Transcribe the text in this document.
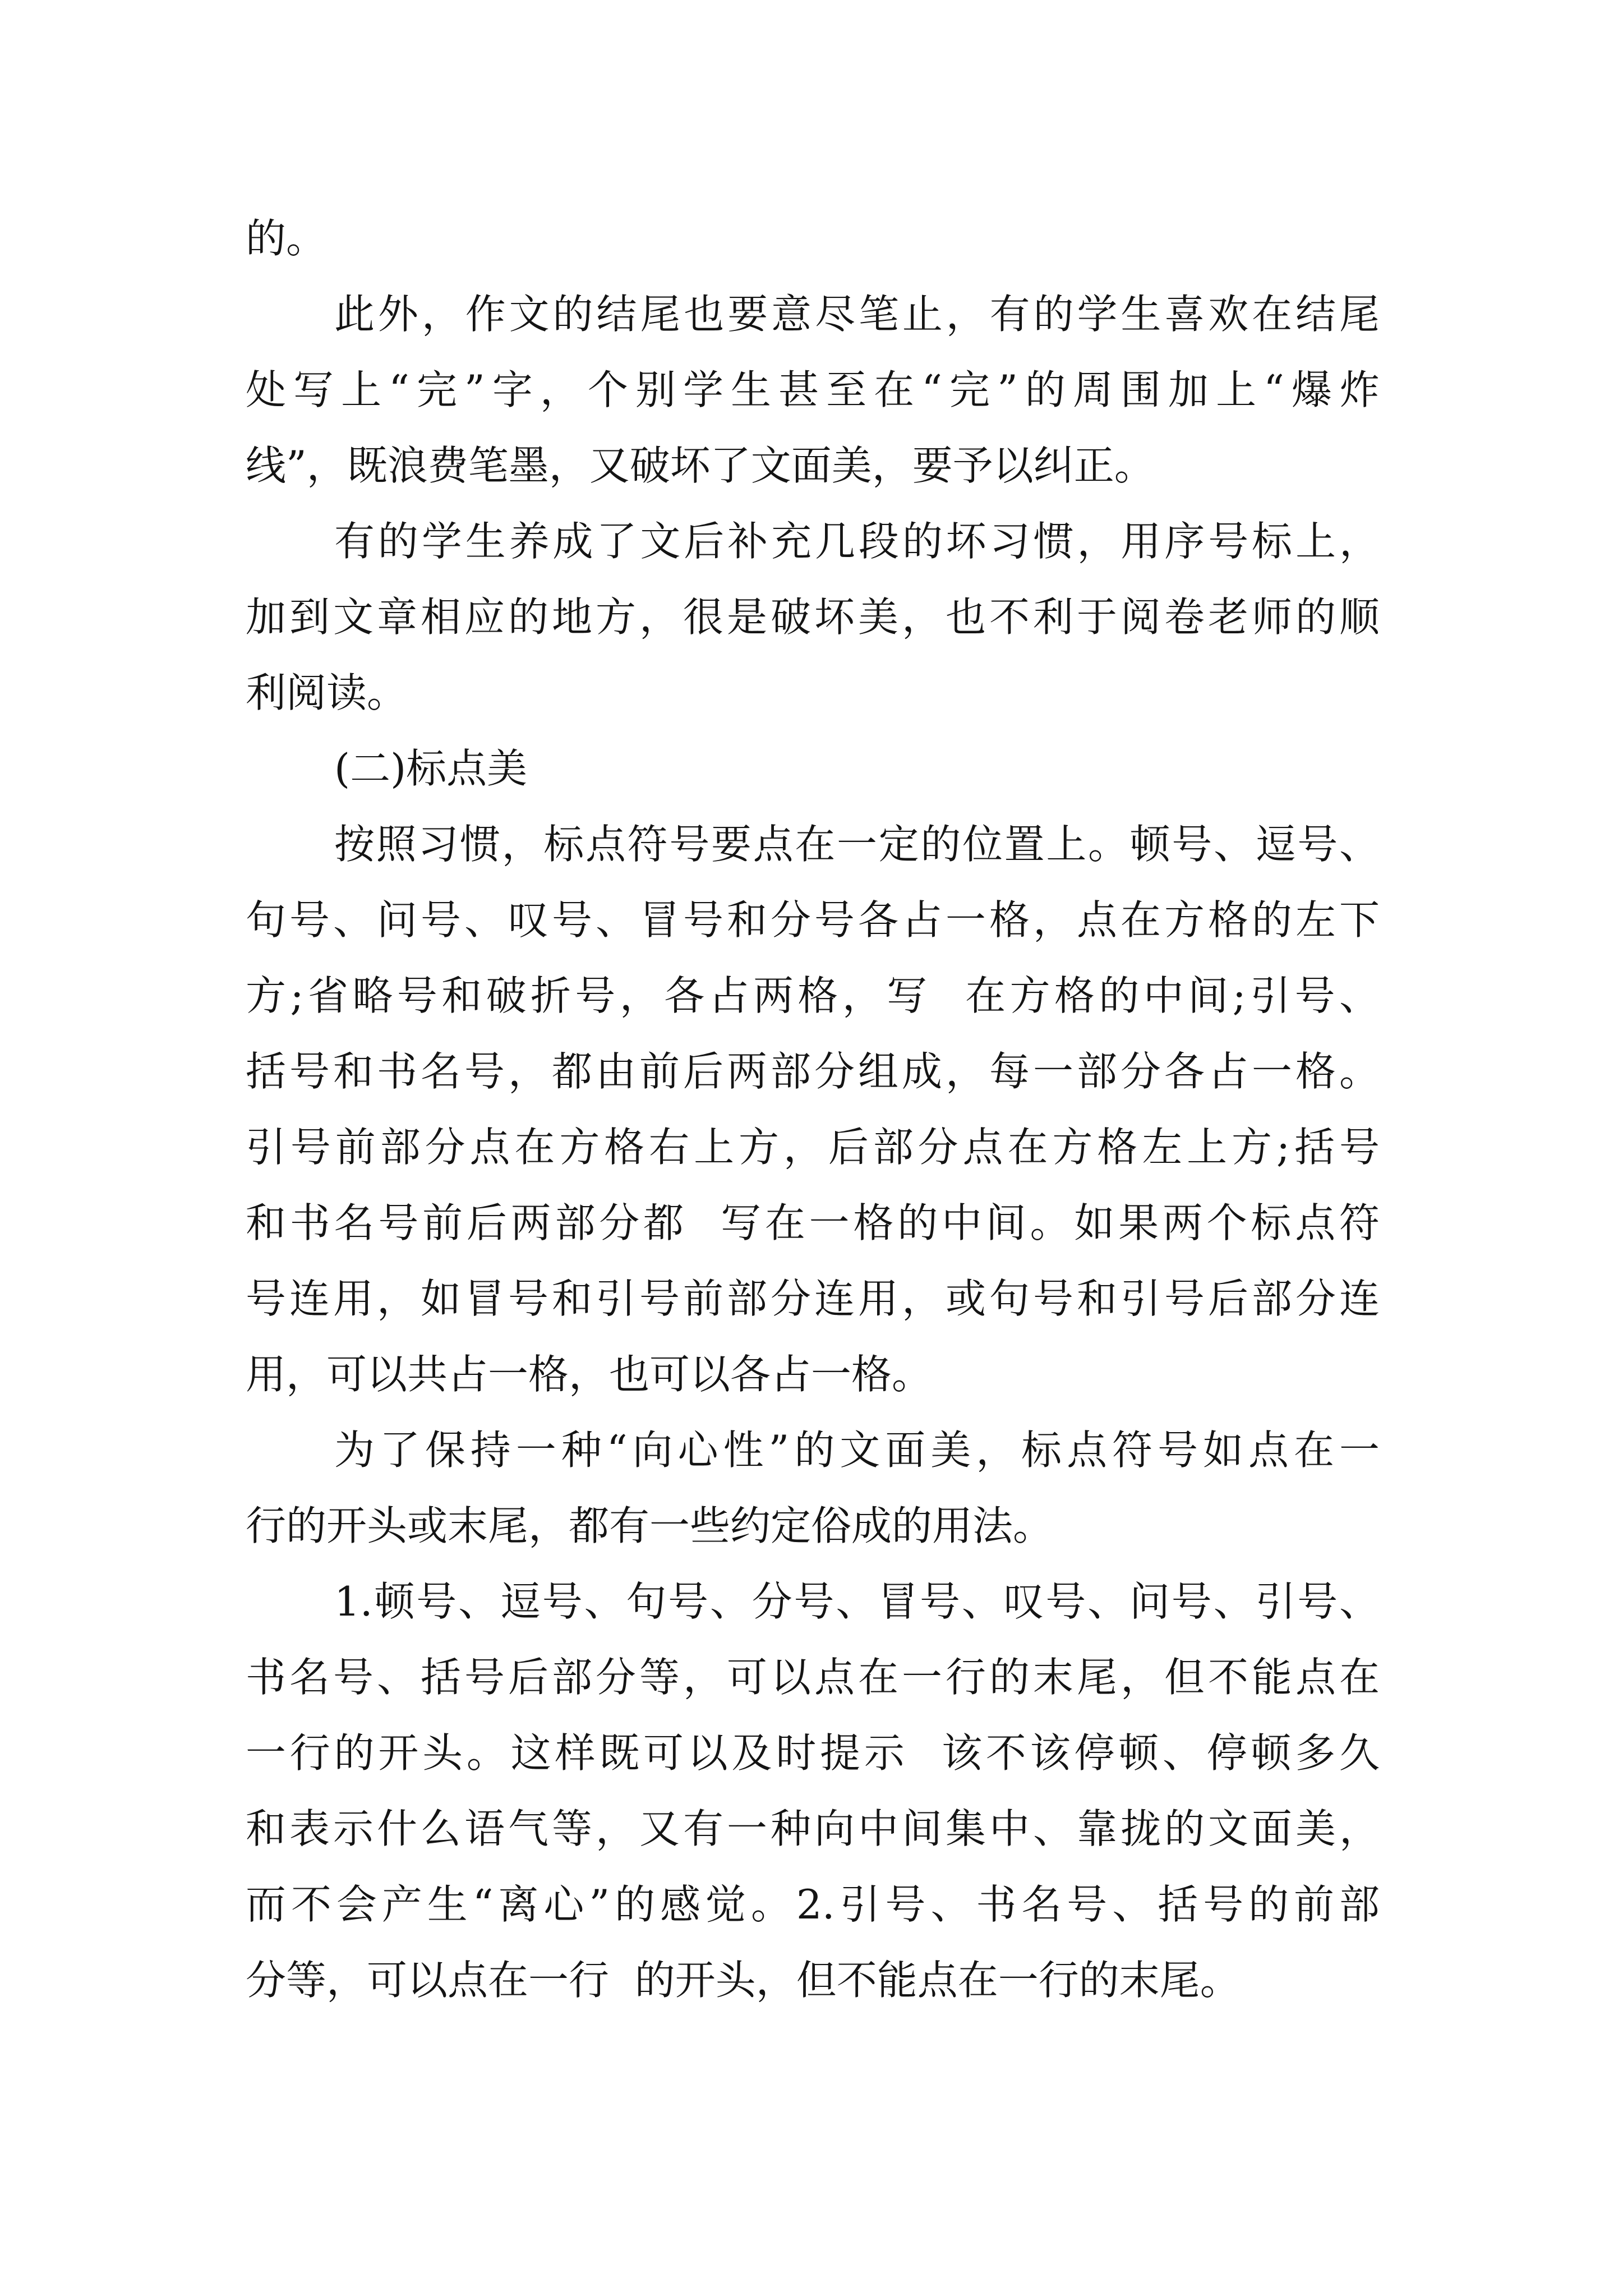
的。

此外，作文的结尾也要意尽笔止，有的学生喜欢在结尾

处写上“完”字，个别学生甚至在“完”的周围加上“爆炸

线”，既浪费笔墨，又破坏了文面美，要予以纠正。

有的学生养成了文后补充几段的坏习惯，用序号标上，

加到文章相应的地方，很是破坏美，也不利于阅卷老师的顺

利阅读。

(二)标点美

按照习惯，标点符号要点在一定的位置上。顿号、逗号、

句号、问号、叹号、冒号和分号各占一格，点在方格的左下

方;省略号和破折号，各占两格，写  在方格的中间;引号、

括号和书名号，都由前后两部分组成，每一部分各占一格。

引号前部分点在方格右上方，后部分点在方格左上方;括号

和书名号前后两部分都  写在一格的中间。如果两个标点符

号连用，如冒号和引号前部分连用，或句号和引号后部分连

用，可以共占一格，也可以各占一格。

为了保持一种“向心性”的文面美，标点符号如点在一

行的开头或末尾，都有一些约定俗成的用法。

1.顿号、逗号、句号、分号、冒号、叹号、问号、引号、

书名号、括号后部分等，可以点在一行的末尾，但不能点在

一行的开头。这样既可以及时提示  该不该停顿、停顿多久

和表示什么语气等，又有一种向中间集中、靠拢的文面美，

而不会产生“离心”的感觉。2.引号、书名号、括号的前部

分等，可以点在一行  的开头，但不能点在一行的末尾。
